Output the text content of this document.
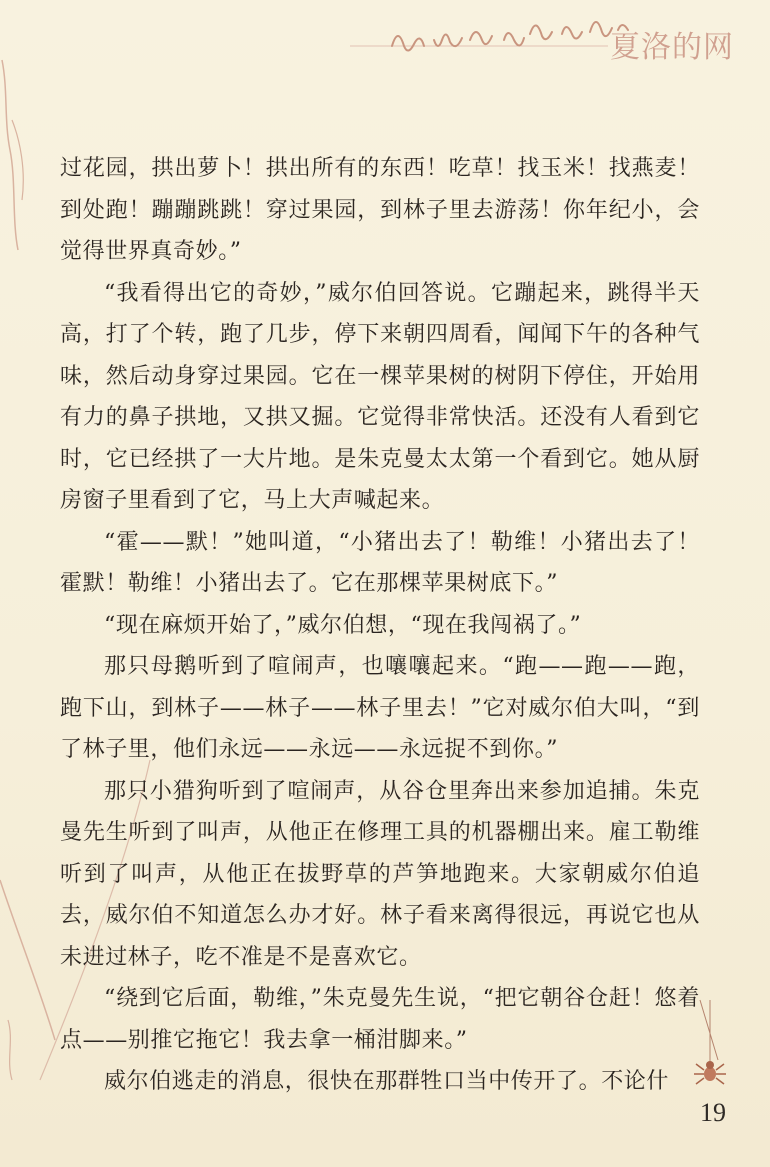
夏洛的网

过花园，拱出萝卜！拱出所有的东西！吃草！找玉米！找燕麦！到处跑！蹦蹦跳跳！穿过果园，到林子里去游荡！你年纪小，会觉得世界真奇妙。”

“我看得出它的奇妙，”威尔伯回答说。它蹦起来，跳得半天高，打了个转，跑了几步，停下来朝四周看，闻闻下午的各种气味，然后动身穿过果园。它在一棵苹果树的树阴下停住，开始用有力的鼻子拱地，又拱又掘。它觉得非常快活。还没有人看到它时，它已经拱了一大片地。是朱克曼太太第一个看到它。她从厨房窗子里看到了它，马上大声喊起来。

“霍——默！”她叫道，“小猪出去了！勒维！小猪出去了！霍默！勒维！小猪出去了。它在那棵苹果树底下。”

“现在麻烦开始了，”威尔伯想，“现在我闯祸了。”

那只母鹅听到了喧闹声，也嚷嚷起来。“跑——跑——跑，跑下山，到林子——林子——林子里去！”它对威尔伯大叫，“到了林子里，他们永远——永远——永远捉不到你。”

那只小猎狗听到了喧闹声，从谷仓里奔出来参加追捕。朱克曼先生听到了叫声，从他正在修理工具的机器棚出来。雇工勒维听到了叫声，从他正在拔野草的芦笋地跑来。大家朝威尔伯追去，威尔伯不知道怎么办才好。林子看来离得很远，再说它也从未进过林子，吃不准是不是喜欢它。

“绕到它后面，勒维，”朱克曼先生说，“把它朝谷仓赶！悠着点——别推它拖它！我去拿一桶泔脚来。”

威尔伯逃走的消息，很快在那群牲口当中传开了。不论什

19
